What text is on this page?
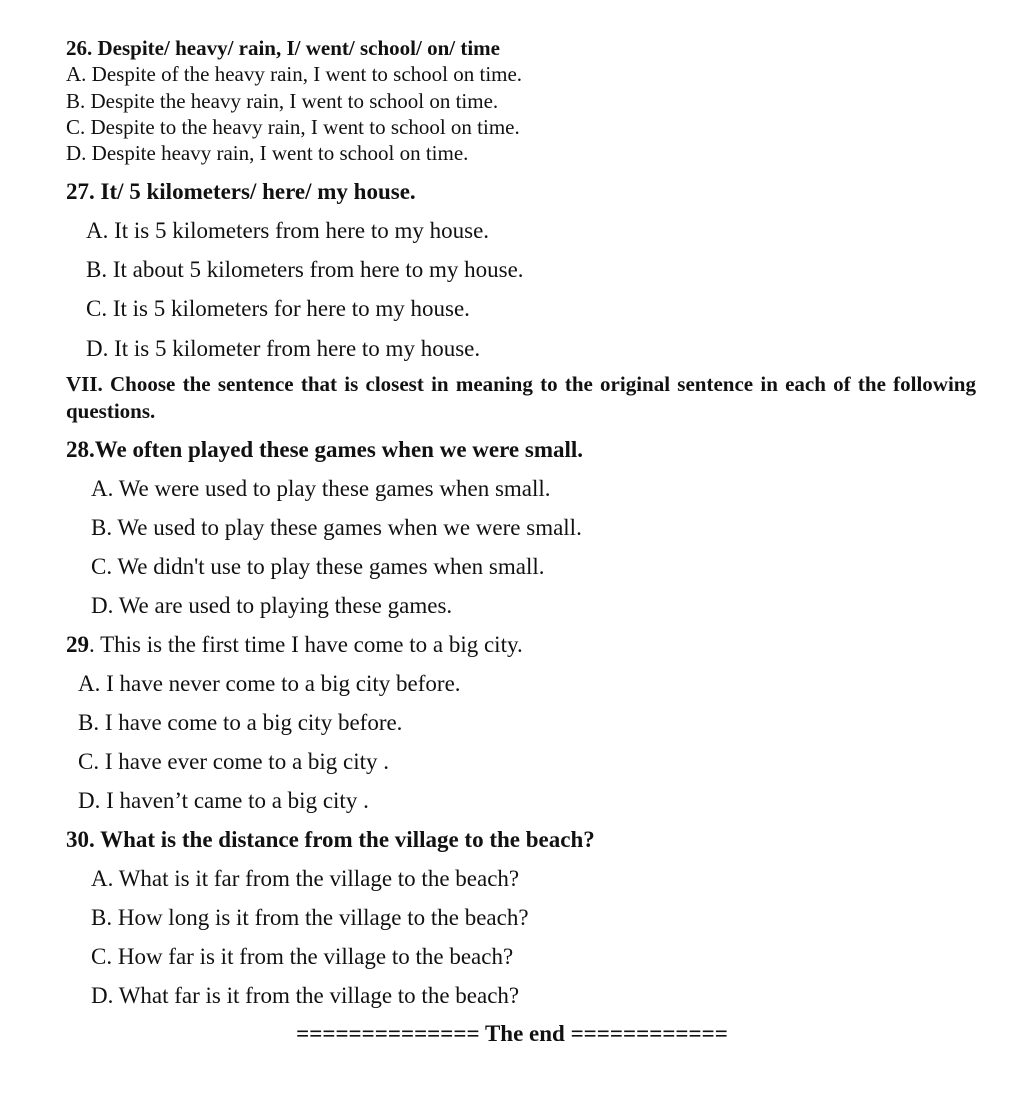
26. Despite/ heavy/ rain, I/ went/ school/ on/ time
A. Despite of the heavy rain, I went to school on time.
B. Despite the heavy rain, I went to school on time.
C. Despite to the heavy rain, I went to school on time.
D. Despite heavy rain, I went to school on time.
27. It/ 5 kilometers/ here/ my house.
A. It is 5 kilometers from here to my house.
B. It about 5 kilometers from here to my house.
C. It is 5 kilometers for here to my house.
D. It is 5 kilometer from here to my house.
VII. Choose the sentence that is closest in meaning to the original sentence in each of the following questions.
28.We often played these games when we were small.
A. We were used to play these games when small.
B. We used to play these games when we were small.
C. We didn't use to play these games when small.
D. We are used to playing these games.
29. This is the first time I have come to a big city.
A. I have never come to a big city before.
B. I have come to a big city before.
C. I have ever come to a big city .
D. I haven’t came to a big city .
30. What is the distance from the village to the beach?
A. What is it far from the village to the beach?
B. How long is it from the village to the beach?
C. How far is it from the village to the beach?
D. What far is it from the village to the beach?
============== The end ============
